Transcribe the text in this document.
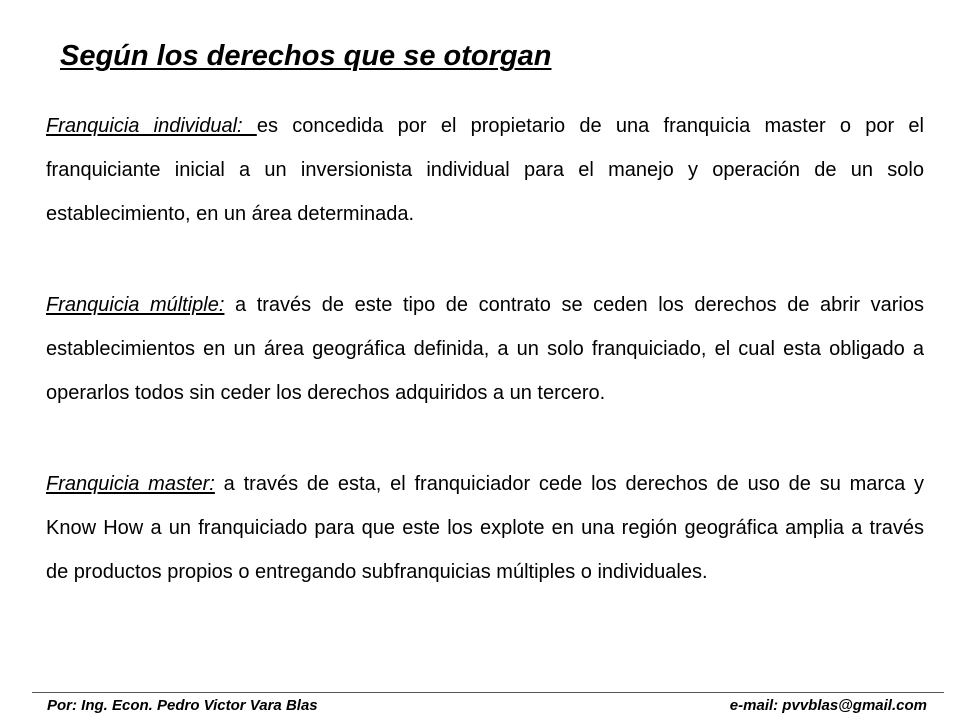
Según los derechos que se otorgan

Franquicia individual: es concedida por el propietario de una franquicia master o por el franquiciante inicial a un inversionista individual para el manejo y operación de un solo establecimiento, en un área determinada.

Franquicia múltiple: a través de este tipo de contrato se ceden los derechos de abrir varios establecimientos en un área geográfica definida, a un solo franquiciado, el cual esta obligado a operarlos todos sin ceder los derechos adquiridos a un tercero.

Franquicia master: a través de esta, el franquiciador cede los derechos de uso de su marca y Know How a un franquiciado para que este los explote en una región geográfica amplia a través de productos propios o entregando subfranquicias múltiples o individuales.

Por: Ing. Econ. Pedro Victor Vara Blas	e-mail: pvvblas@gmail.com
